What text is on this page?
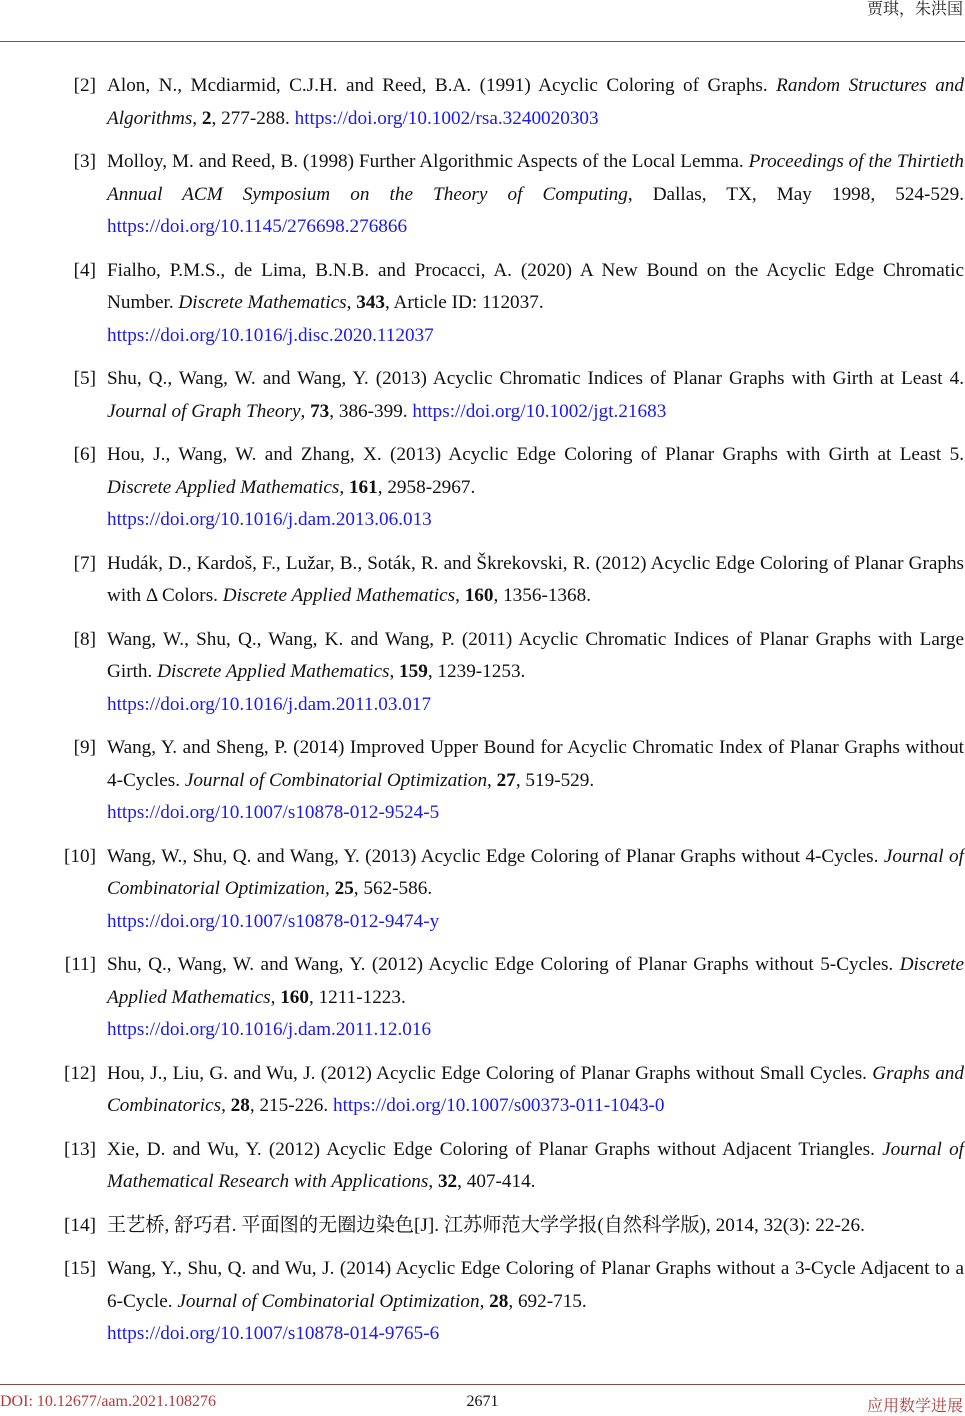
贾琪，朱洪国
[2] Alon, N., Mcdiarmid, C.J.H. and Reed, B.A. (1991) Acyclic Coloring of Graphs. Random Structures and Algorithms, 2, 277-288. https://doi.org/10.1002/rsa.3240020303
[3] Molloy, M. and Reed, B. (1998) Further Algorithmic Aspects of the Local Lemma. Proceedings of the Thirtieth Annual ACM Symposium on the Theory of Computing, Dallas, TX, May 1998, 524-529. https://doi.org/10.1145/276698.276866
[4] Fialho, P.M.S., de Lima, B.N.B. and Procacci, A. (2020) A New Bound on the Acyclic Edge Chromatic Number. Discrete Mathematics, 343, Article ID: 112037.
https://doi.org/10.1016/j.disc.2020.112037
[5] Shu, Q., Wang, W. and Wang, Y. (2013) Acyclic Chromatic Indices of Planar Graphs with Girth at Least 4. Journal of Graph Theory, 73, 386-399. https://doi.org/10.1002/jgt.21683
[6] Hou, J., Wang, W. and Zhang, X. (2013) Acyclic Edge Coloring of Planar Graphs with Girth at Least 5. Discrete Applied Mathematics, 161, 2958-2967.
https://doi.org/10.1016/j.dam.2013.06.013
[7] Hudák, D., Kardoš, F., Lužar, B., Soták, R. and Škrekovski, R. (2012) Acyclic Edge Coloring of Planar Graphs with Δ Colors. Discrete Applied Mathematics, 160, 1356-1368.
[8] Wang, W., Shu, Q., Wang, K. and Wang, P. (2011) Acyclic Chromatic Indices of Planar Graphs with Large Girth. Discrete Applied Mathematics, 159, 1239-1253.
https://doi.org/10.1016/j.dam.2011.03.017
[9] Wang, Y. and Sheng, P. (2014) Improved Upper Bound for Acyclic Chromatic Index of Planar Graphs without 4-Cycles. Journal of Combinatorial Optimization, 27, 519-529.
https://doi.org/10.1007/s10878-012-9524-5
[10] Wang, W., Shu, Q. and Wang, Y. (2013) Acyclic Edge Coloring of Planar Graphs without 4-Cycles. Journal of Combinatorial Optimization, 25, 562-586.
https://doi.org/10.1007/s10878-012-9474-y
[11] Shu, Q., Wang, W. and Wang, Y. (2012) Acyclic Edge Coloring of Planar Graphs without 5-Cycles. Discrete Applied Mathematics, 160, 1211-1223.
https://doi.org/10.1016/j.dam.2011.12.016
[12] Hou, J., Liu, G. and Wu, J. (2012) Acyclic Edge Coloring of Planar Graphs without Small Cycles. Graphs and Combinatorics, 28, 215-226. https://doi.org/10.1007/s00373-011-1043-0
[13] Xie, D. and Wu, Y. (2012) Acyclic Edge Coloring of Planar Graphs without Adjacent Triangles. Journal of Mathematical Research with Applications, 32, 407-414.
[14] 王艺桥, 舒巧君. 平面图的无圈边染色[J]. 江苏师范大学学报(自然科学版), 2014, 32(3): 22-26.
[15] Wang, Y., Shu, Q. and Wu, J. (2014) Acyclic Edge Coloring of Planar Graphs without a 3-Cycle Adjacent to a 6-Cycle. Journal of Combinatorial Optimization, 28, 692-715.
https://doi.org/10.1007/s10878-014-9765-6
DOI: 10.12677/aam.2021.108276	2671	应用数学进展
